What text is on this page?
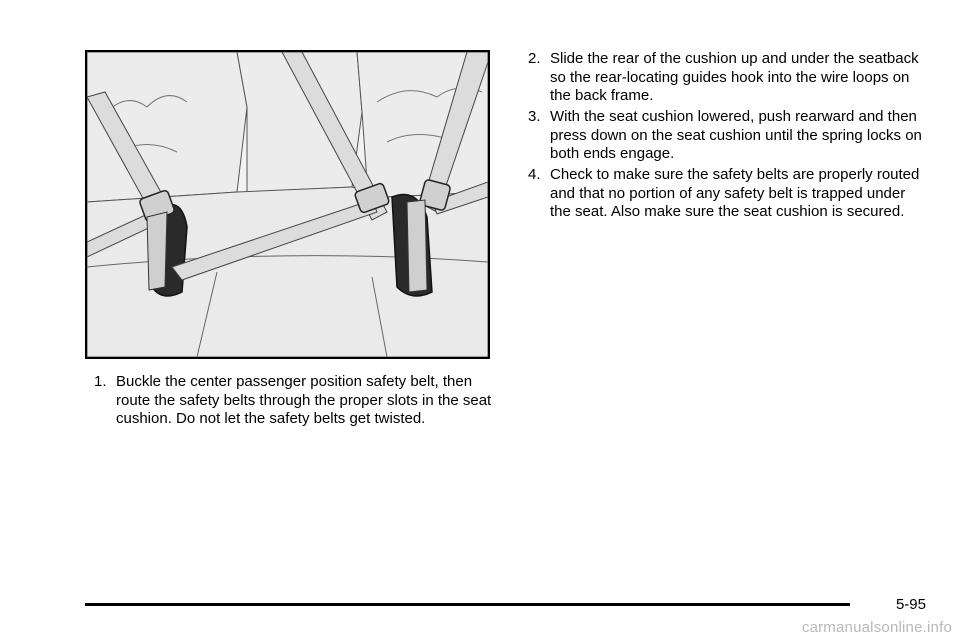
1. Buckle the center passenger position safety belt, then route the safety belts through the proper slots in the seat cushion. Do not let the safety belts get twisted.
2. Slide the rear of the cushion up and under the seatback so the rear-locating guides hook into the wire loops on the back frame.
3. With the seat cushion lowered, push rearward and then press down on the seat cushion until the spring locks on both ends engage.
4. Check to make sure the safety belts are properly routed and that no portion of any safety belt is trapped under the seat. Also make sure the seat cushion is secured.
5-95
carmanualsonline.info
